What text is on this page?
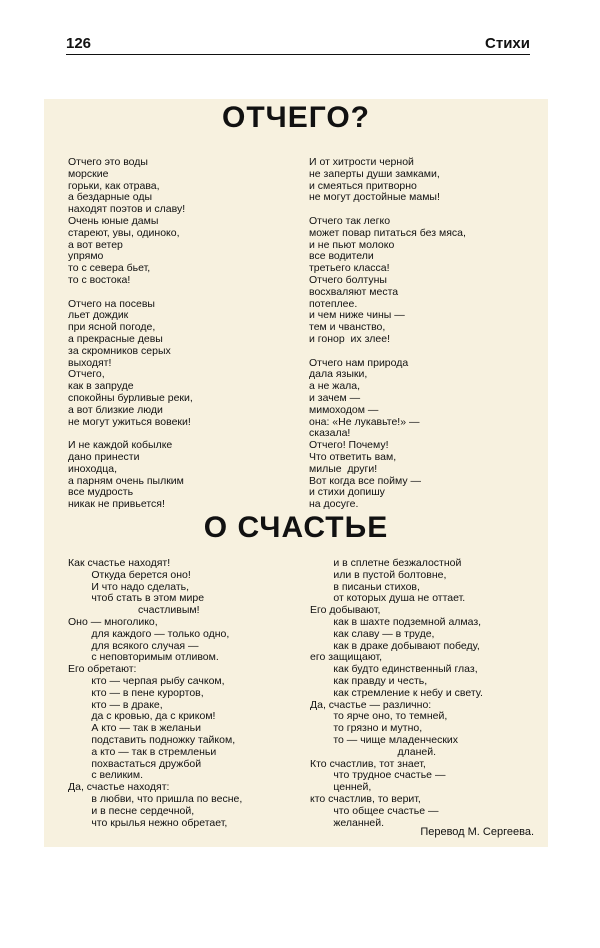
126	Стихи
ОТЧЕГО?
Отчего это воды
морские
горьки, как отрава,
а бездарные оды
находят поэтов и славу!
Очень юные дамы
стареют, увы, одиноко,
а вот ветер
упрямо
то с севера бьет,
то с востока!
Отчего на посевы
льет дождик
при ясной погоде,
а прекрасные девы
за скромников серых
выходят!
Отчего,
как в запруде
спокойны бурливые реки,
а вот близкие люди
не могут ужиться вовеки!
И не каждой кобылке
дано принести
иноходца,
а парням очень пылким
все мудрость
никак не привьется!
И от хитрости черной
не заперты души замками,
и смеяться притворно
не могут достойные мамы!
Отчего так легко
может повар питаться без мяса,
и не пьют молоко
все водители
третьего класса!
Отчего болтуны
восхваляют места
потеплее.
и чем ниже чины —
тем и чванство,
и гонор  их злее!
Отчего нам природа
дала языки,
а не жала,
и зачем —
мимоходом —
она: «Не лукавьте!» —
сказала!
Отчего! Почему!
Что ответить вам,
милые  други!
Вот когда все пойму —
и стихи допишу
на досуге.
О СЧАСТЬЕ
Как счастье находят!
Откуда берется оно!
И что надо сделать,
чтоб стать в этом мире
счастливым!
Оно — многолико,
для каждого — только одно,
для всякого случая —
с неповторимым отливом.
Его обретают:
кто — черпая рыбу сачком,
кто — в пене курортов,
кто — в драке,
да с кровью, да с криком!
А кто — так в желаньи
подставить подножку тайком,
а кто — так в стремленьи
похвастаться дружбой
с великим.
Да, счастье находят:
в любви, что пришла по весне,
и в песне сердечной,
что крылья нежно обретает,
и в сплетне безжалостной
или в пустой болтовне,
в писаньи стихов,
от которых душа не оттает.
Его добывают,
как в шахте подземной алмаз,
как славу — в труде,
как в драке добывают победу,
его защищают,
как будто единственный глаз,
как правду и честь,
как стремление к небу и свету.
Да, счастье — различно:
то ярче оно, то темней,
то грязно и мутно,
то — чище младенческих
дланей.
Кто счастлив, тот знает,
что трудное счастье —
ценней,
кто счастлив, то верит,
что общее счастье —
желанней.
Перевод М. Сергеева.
